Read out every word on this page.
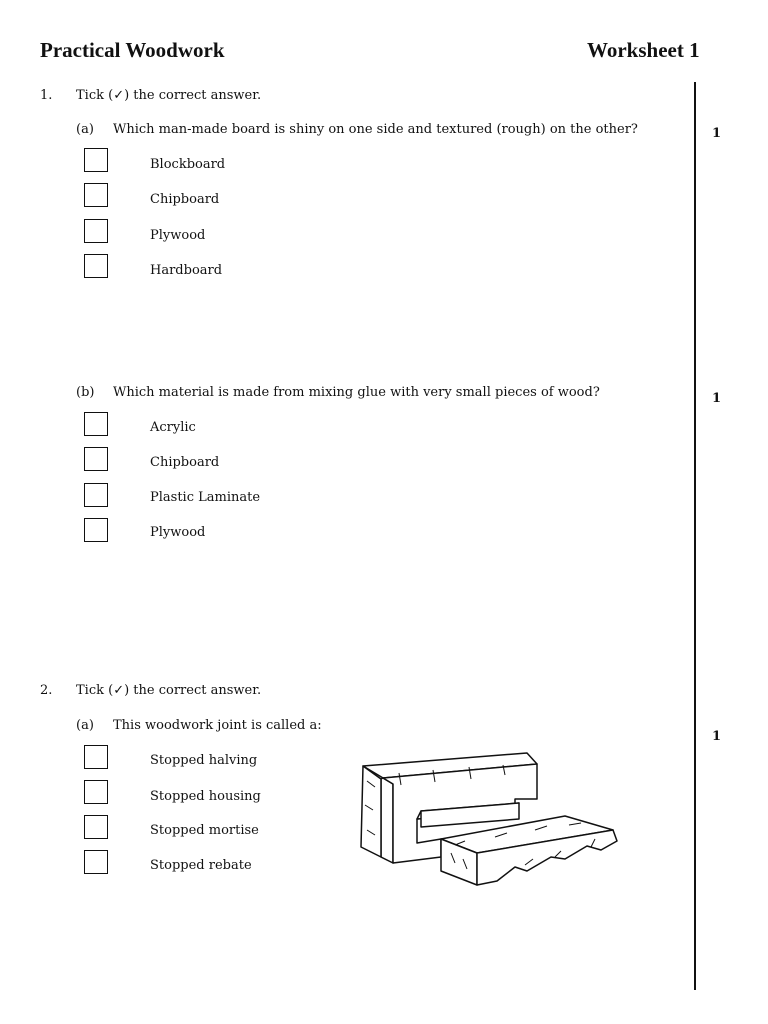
Practical Woodwork	Worksheet 1
1. Tick (✓) the correct answer.
(a) Which man-made board is shiny on one side and textured (rough) on the other?	1
Blockboard
Chipboard
Plywood
Hardboard
(b) Which material is made from mixing glue with very small pieces of wood?	1
Acrylic
Chipboard
Plastic Laminate
Plywood
2. Tick (✓) the correct answer.
(a) This woodwork joint is called a:
1
Stopped halving
Stopped housing
Stopped mortise
Stopped rebate
